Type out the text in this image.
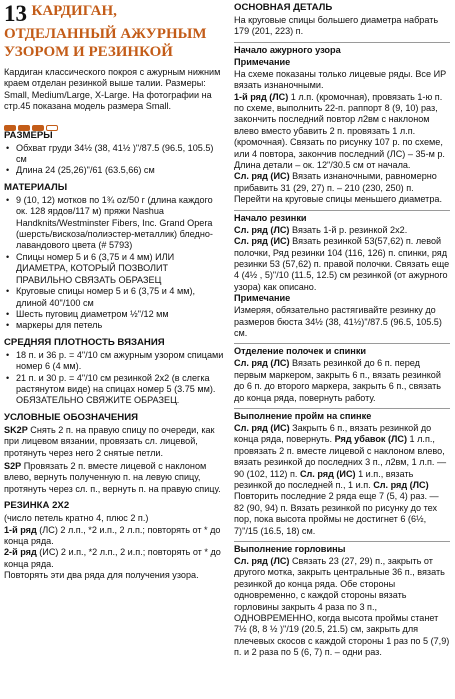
13 КАРДИГАН,
ОТДЕЛАННЫЙ АЖУРНЫМ
УЗОРОМ И РЕЗИНКОЙ

Кардиган классического покроя с ажурным нижним краем отделан резинкой выше талии. Размеры: Small, Medium/Large, X-Large. На фотографии на стр.45 показана модель размера Small.

РАЗМЕРЫ
• Обхват груди 34½ (38, 41½ )"/87.5 (96.5, 105.5) см
• Длина 24 (25,26)"/61 (63.5,66) см
МАТЕРИАЛЫ
• 9 (10, 12) мотков по 1¾ oz/50 г (длина каждого ок. 128 ярдов/117 м) пряжи Nashua Handknits/Westminster Fibers, Inc. Grand Opera (шерсть/вискоза/полиэстер-металлик) бледно-лавандового цвета (# 5793)
• Спицы номер 5 и 6 (3,75 и 4 мм) ИЛИ ДИАМЕТРА, КОТОРЫЙ ПОЗВОЛИТ ПРАВИЛЬНО СВЯЗАТЬ ОБРАЗЕЦ
• Круговые спицы номер 5 и 6 (3,75 и 4 мм), длиной 40"/100 см
• Шесть пуговиц диаметром ½"/12 мм
• маркеры для петель
СРЕДНЯЯ ПЛОТНОСТЬ ВЯЗАНИЯ
• 18 п. и 36 р. = 4"/10 см ажурным узором спицами номер 6 (4 мм).
• 21 п. и 30 р. = 4"/10 см резинкой 2х2 (в слегка растянутом виде) на спицах номер 5 (3.75 мм).
ОБЯЗАТЕЛЬНО СВЯЖИТЕ ОБРАЗЕЦ.
УСЛОВНЫЕ ОБОЗНАЧЕНИЯ

SK2P Снять 2 п. на правую спицу по очереди, как при лицевом вязании, провязать сл. лицевой, протянуть через него 2 снятые петли.

S2P Провязать 2 п. вместе лицевой с наклоном влево, вернуть полученную п. на левую спицу, протянуть через сл. п., вернуть п. на правую спицу.

РЕЗИНКА 2Х2

(число петель кратно 4, плюс 2 п.)

1-й ряд (ЛС) 2 л.п., *2 и.п., 2 л.п.; повторять от * до конца ряда.

2-й ряд (ИС) 2 и.п., *2 л.п., 2 и.п.; повторять от * до конца ряда.

Повторять эти два ряда для получения узора.

ОСНОВНАЯ ДЕТАЛЬ

На круговые спицы большего диаметра набрать 179 (201, 223) п.

Начало ажурного узора
Примечание

На схеме показаны только лицевые ряды. Все ИР вязать изнаночными.

1-й ряд (ЛС) 1 л.п. (кромочная), провязать 1-ю п. по схеме, выполнить 22-п. раппорт 8 (9, 10) раз, закончить последний повтор л2вм с наклоном влево вместо убавить 2 п. провязать 1 л.п. (кромочная). Связать по рисунку 107 р. по схеме, или 4 повтора, закончив последний (ЛС) – 35-м р. Длина детали – ок. 12"/30.5 см от начала.

Сл. ряд (ИС) Вязать изнаночными, равномерно прибавить 31 (29, 27) п. – 210 (230, 250) п. Перейти на круговые спицы меньшего диаметра.

Начало резинки

Сл. ряд (ЛС) Вязать 1-й р. резинкой 2х2.

Сл. ряд (ИС) Вязать резинкой 53(57,62) п. левой полочки, Ряд резинки 104 (116, 126) п. спинки, ряд резинки 53 (57,62) п. правой полочки. Связать еще 4 (4½ , 5)"/10 (11.5, 12.5) см резинкой (от ажурного узора) как описано.

Примечание

Измеряя, обязательно растягивайте резинку до размеров бюста 34½ (38, 41½)"/87.5 (96.5, 105.5) см.

Отделение полочек и спинки

Сл. ряд (ЛС) Вязать резинкой до 6 п. перед первым маркером, закрыть 6 п., вязать резинкой до 6 п. до второго маркера, закрыть 6 п., связать до конца ряда, повернуть работу.

Выполнение пройм на спинке

Сл. ряд (ИС) Закрыть 6 п., вязать резинкой до конца ряда, повернуть. Ряд убавок (ЛС) 1 л.п., провязать 2 п. вместе лицевой с наклоном влево, вязать резинкой до последних 3 п., л2вм, 1 л.п. — 90 (102, 112) п. Сл. ряд (ИС) 1 и.п., вязать резинкой до последней п., 1 и.п. Сл. ряд (ЛС) Повторить последние 2 ряда еще 7 (5, 4) раз. — 82 (90, 94) п. Вязать резинкой по рисунку до тех пор, пока высота проймы не достигнет 6 (6½, 7)"/15 (16.5, 18) см.

Выполнение горловины

Сл. ряд (ЛС) Связать 23 (27, 29) п., закрыть от другого мотка, закрыть центральные 36 п., вязать резинкой до конца ряда. Обе стороны одновременно, с каждой стороны вязать горловины закрыть 4 раза по 3 п., ОДНОВРЕМЕННО, когда высота проймы станет 7½ (8, 8 ½ )"/19 (20.5, 21.5) см, закрыть для плечевых скосов с каждой стороны 1 раз по 5 (7,9) п. и 2 раза по 5 (6, 7) п. – одни раз.
